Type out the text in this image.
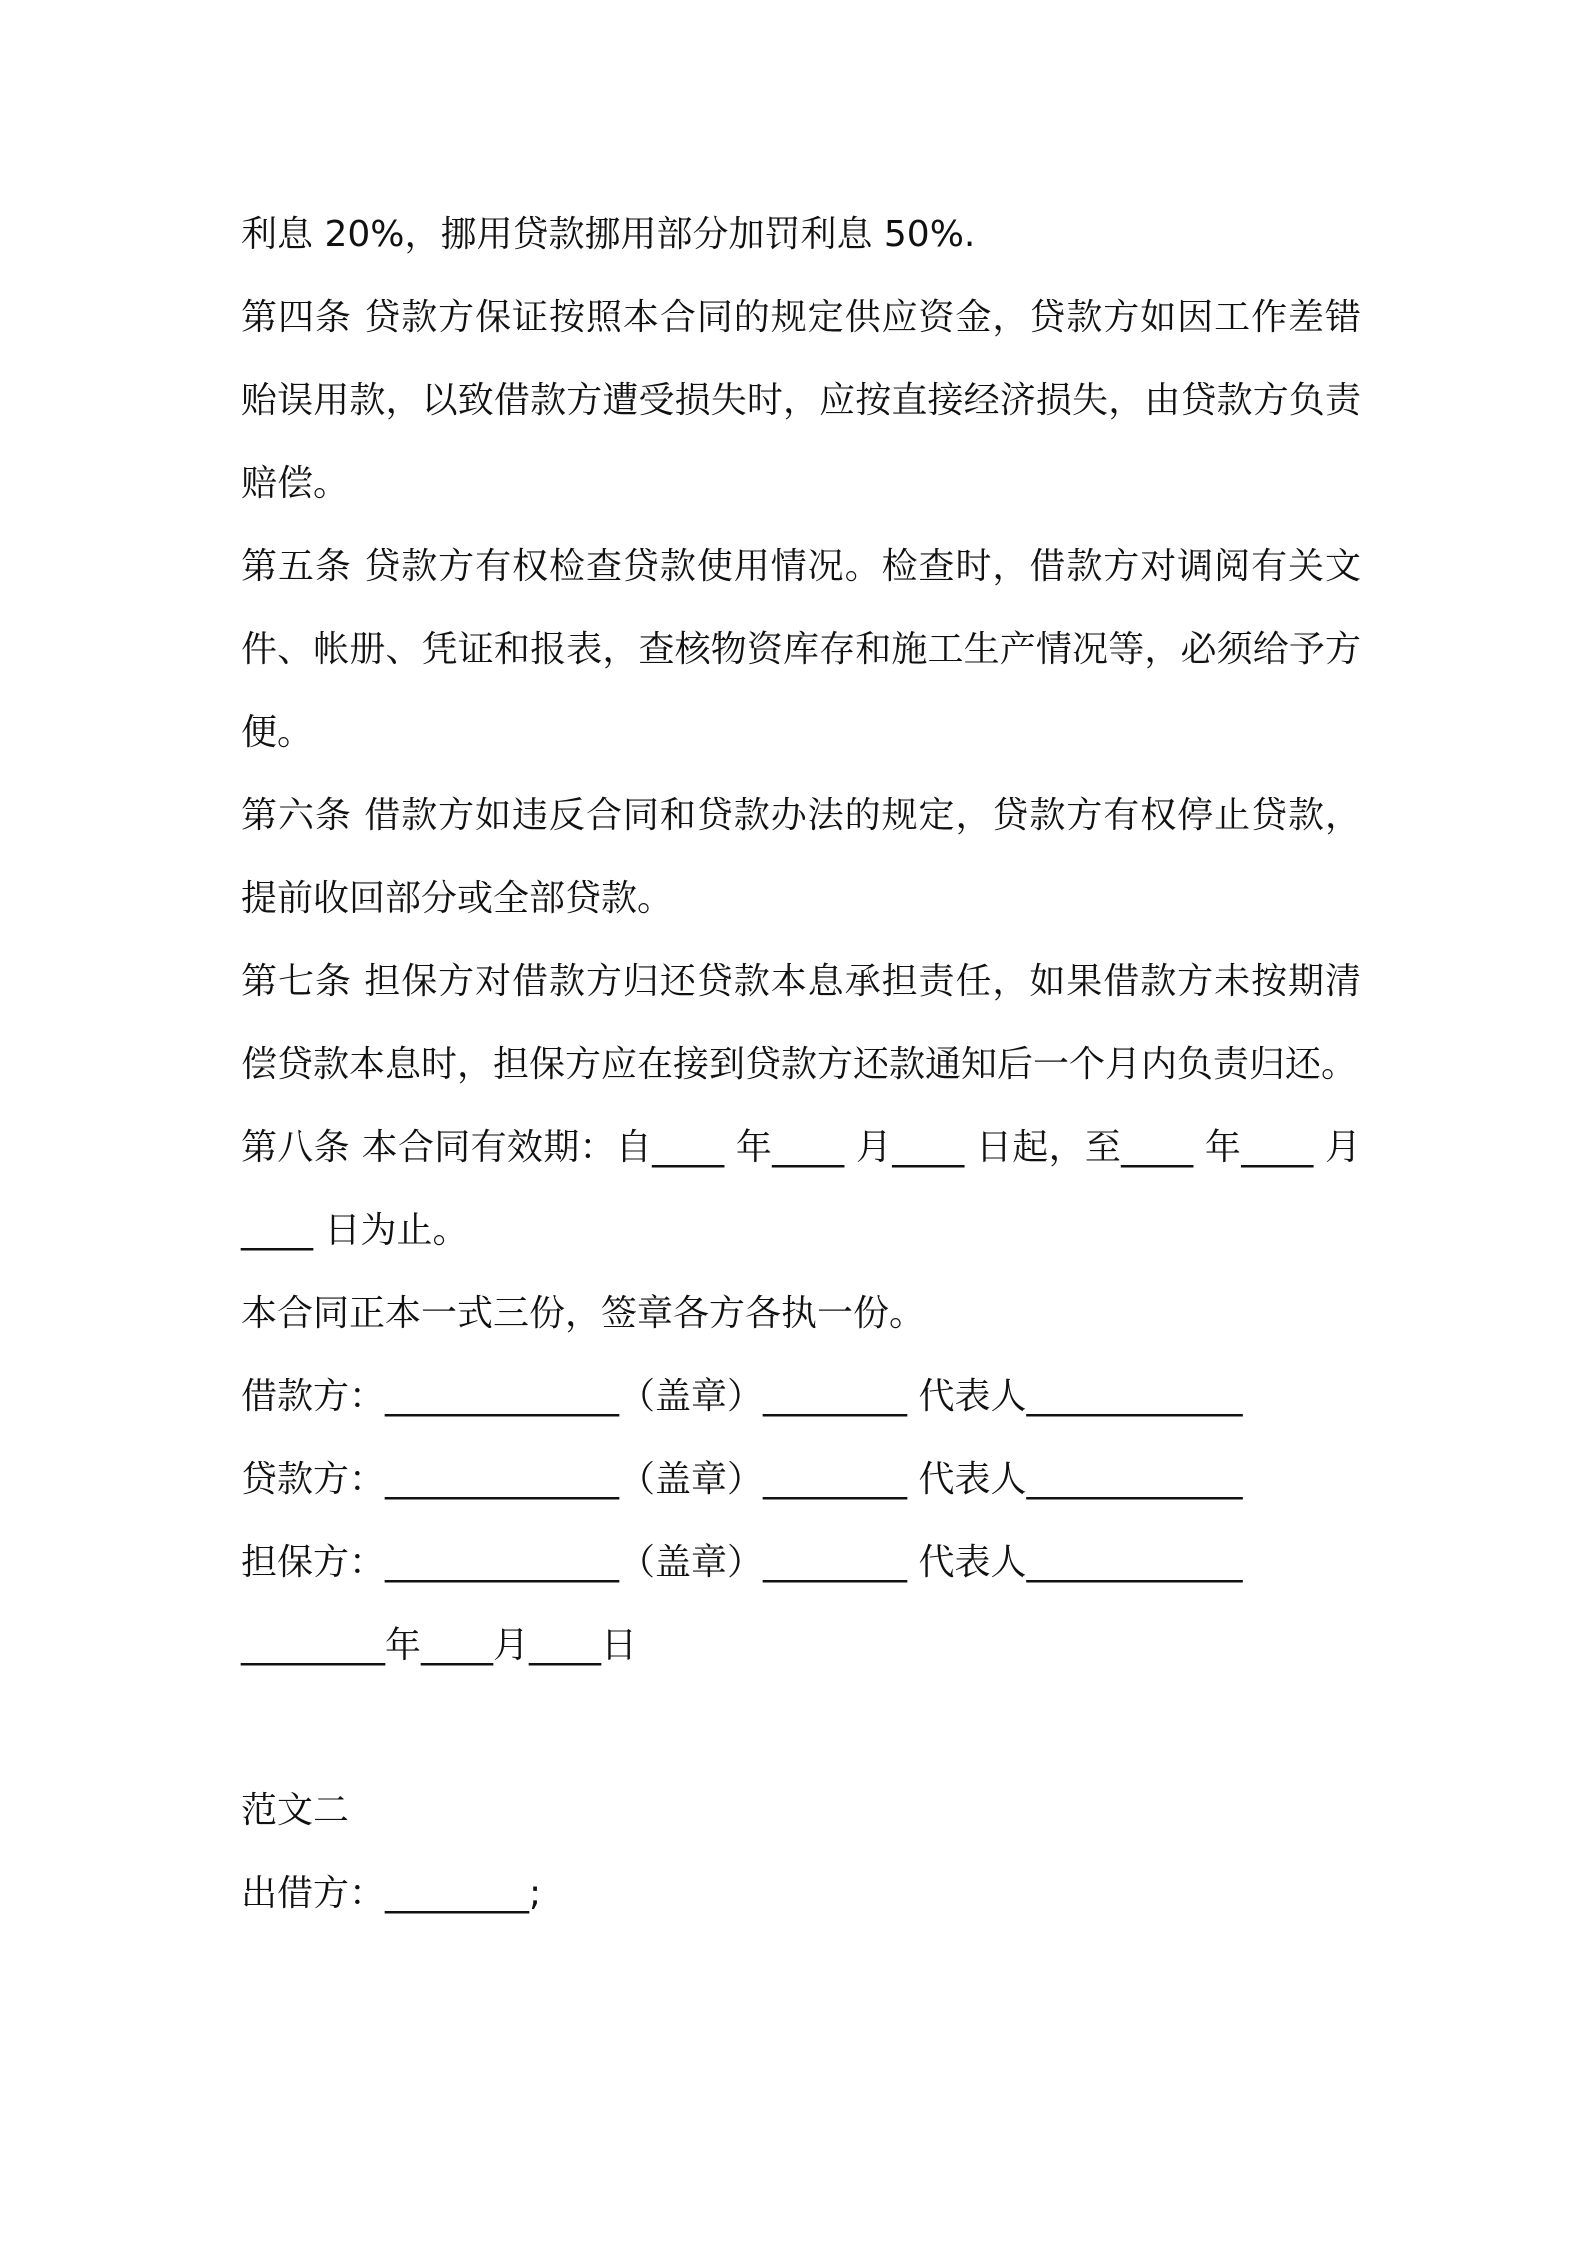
利息 20%，挪用贷款挪用部分加罚利息 50%.

第四条 贷款方保证按照本合同的规定供应资金，贷款方如因工作差错贻误用款，以致借款方遭受损失时，应按直接经济损失，由贷款方负责赔偿。

第五条 贷款方有权检查贷款使用情况。检查时，借款方对调阅有关文件、帐册、凭证和报表，查核物资库存和施工生产情况等，必须给予方便。

第六条 借款方如违反合同和贷款办法的规定，贷款方有权停止贷款，提前收回部分或全部贷款。

第七条 担保方对借款方归还贷款本息承担责任，如果借款方未按期清偿贷款本息时，担保方应在接到贷款方还款通知后一个月内负责归还。

第八条 本合同有效期：自____ 年____ 月____ 日起，至____ 年____ 月____ 日为止。

本合同正本一式三份，签章各方各执一份。

借款方：_____________（盖章）________ 代表人____________

贷款方：_____________（盖章）________ 代表人____________

担保方：_____________（盖章）________ 代表人____________

________年____月____日

范文二

出借方：________;
